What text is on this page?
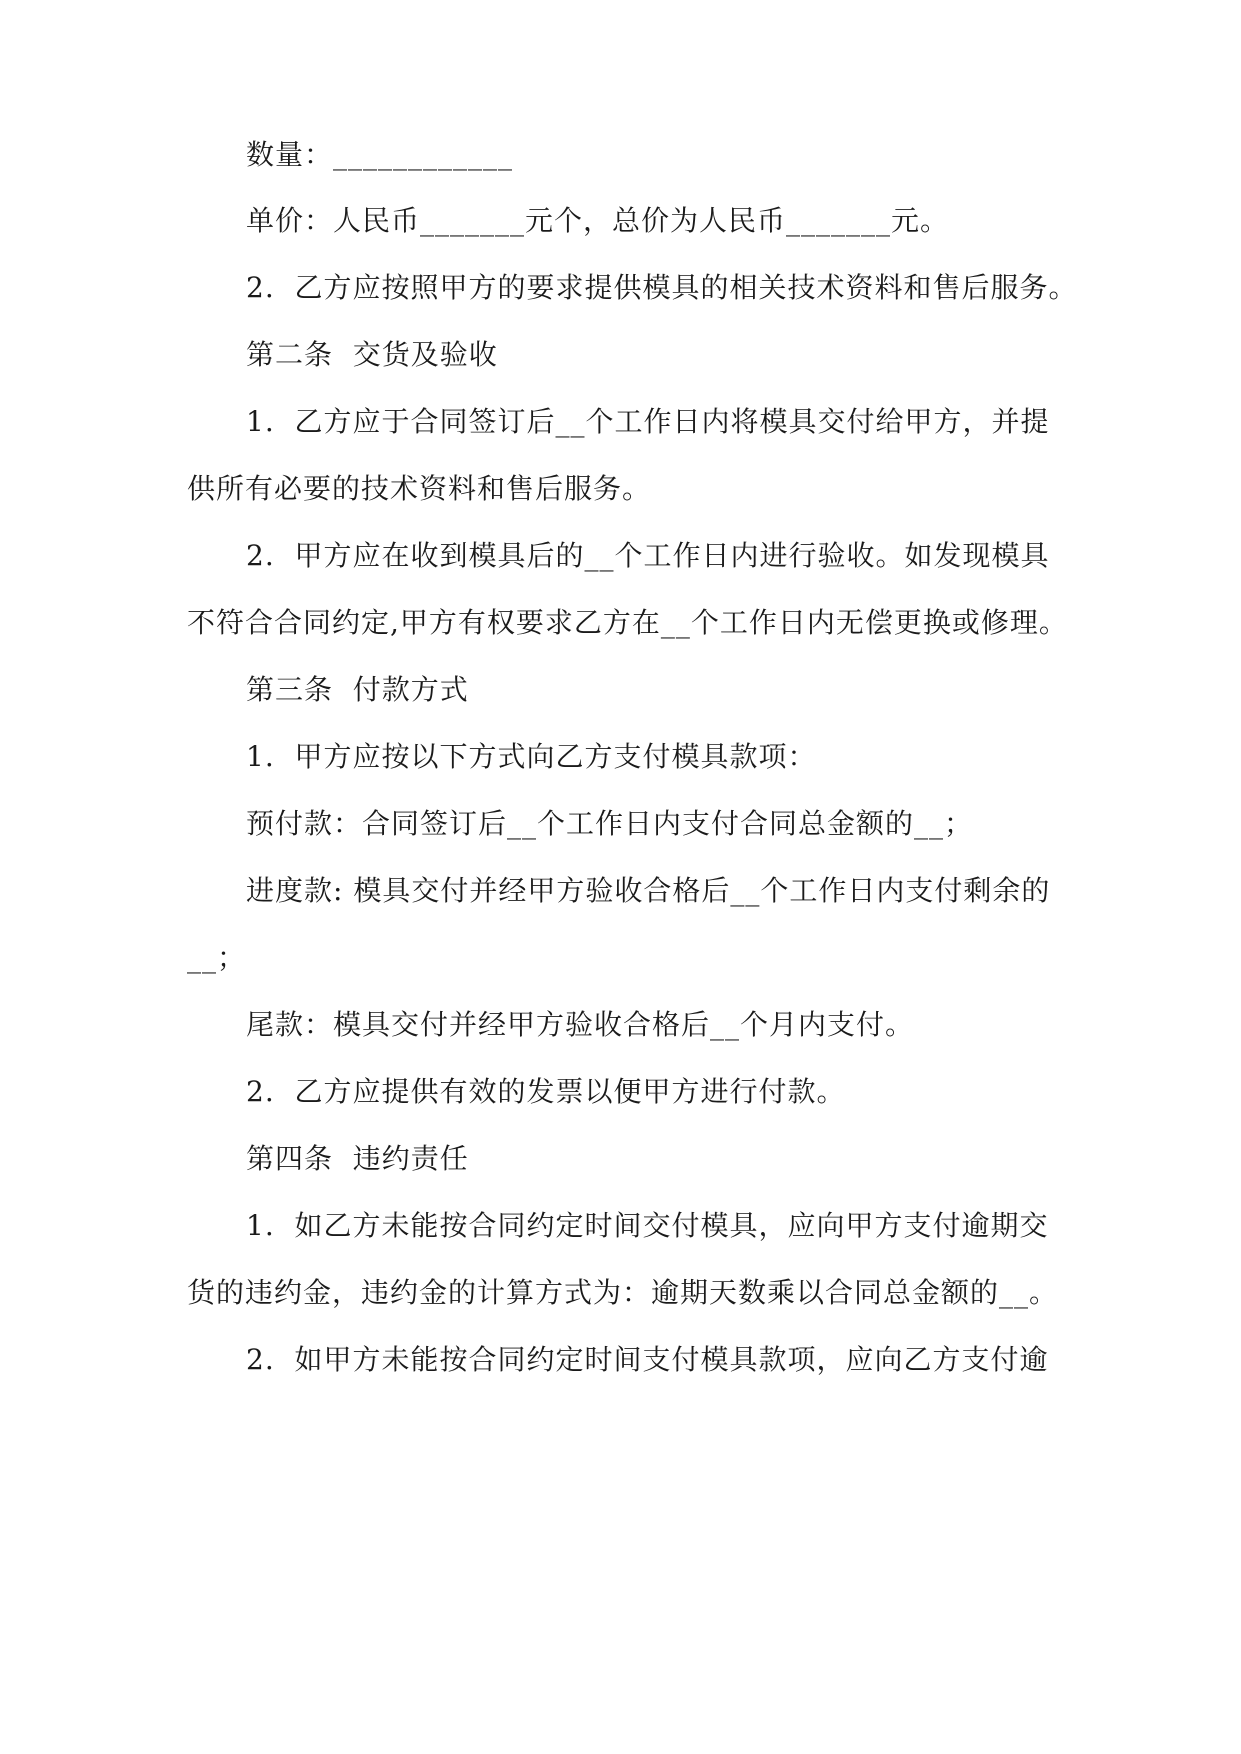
数量：____________
单价：人民币_______元个，总价为人民币_______元。
2.  乙方应按照甲方的要求提供模具的相关技术资料和售后服务。
第二条  交货及验收
1.  乙方应于合同签订后__个工作日内将模具交付给甲方，并提
供所有必要的技术资料和售后服务。
2.  甲方应在收到模具后的__个工作日内进行验收。如发现模具
不符合合同约定,甲方有权要求乙方在__个工作日内无偿更换或修理。
第三条  付款方式
1.  甲方应按以下方式向乙方支付模具款项：
预付款：合同签订后__个工作日内支付合同总金额的__；
进度款: 模具交付并经甲方验收合格后__个工作日内支付剩余的
__；
尾款：模具交付并经甲方验收合格后__个月内支付。
2.  乙方应提供有效的发票以便甲方进行付款。
第四条  违约责任
1.  如乙方未能按合同约定时间交付模具，应向甲方支付逾期交
货的违约金，违约金的计算方式为：逾期天数乘以合同总金额的__。
2.  如甲方未能按合同约定时间支付模具款项，应向乙方支付逾
